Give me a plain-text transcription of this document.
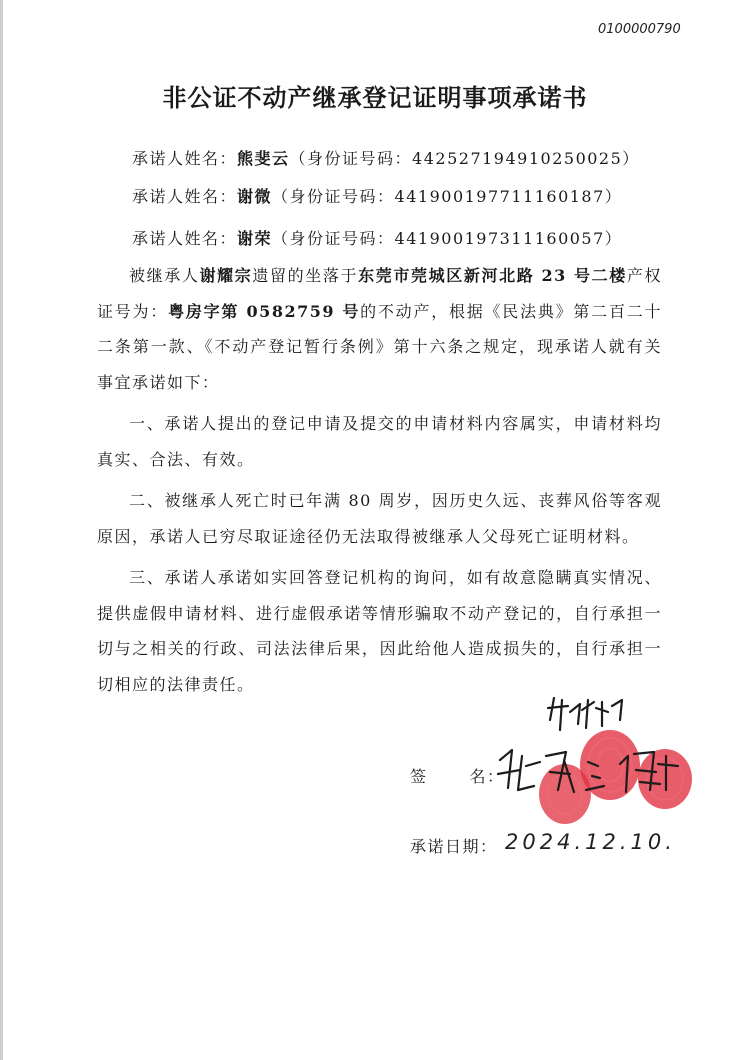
0100000790
非公证不动产继承登记证明事项承诺书
承诺人姓名：熊斐云（身份证号码：442527194910250025）
承诺人姓名：谢微（身份证号码：441900197711160187）
承诺人姓名：谢荣（身份证号码：441900197311160057）

被继承人谢耀宗遗留的坐落于东莞市莞城区新河北路 23 号二楼产权证号为：粤房字第 0582759 号的不动产，根据《民法典》第二百二十二条第一款、《不动产登记暂行条例》第十六条之规定，现承诺人就有关事宜承诺如下：

一、承诺人提出的登记申请及提交的申请材料内容属实，申请材料均真实、合法、有效。

二、被继承人死亡时已年满 80 周岁，因历史久远、丧葬风俗等客观原因，承诺人已穷尽取证途径仍无法取得被继承人父母死亡证明材料。

三、承诺人承诺如实回答登记机构的询问，如有故意隐瞒真实情况、提供虚假申请材料、进行虚假承诺等情形骗取不动产登记的，自行承担一切与之相关的行政、司法法律后果，因此给他人造成损失的，自行承担一切相应的法律责任。

签	名：
承诺日期： 2024.12.10.
